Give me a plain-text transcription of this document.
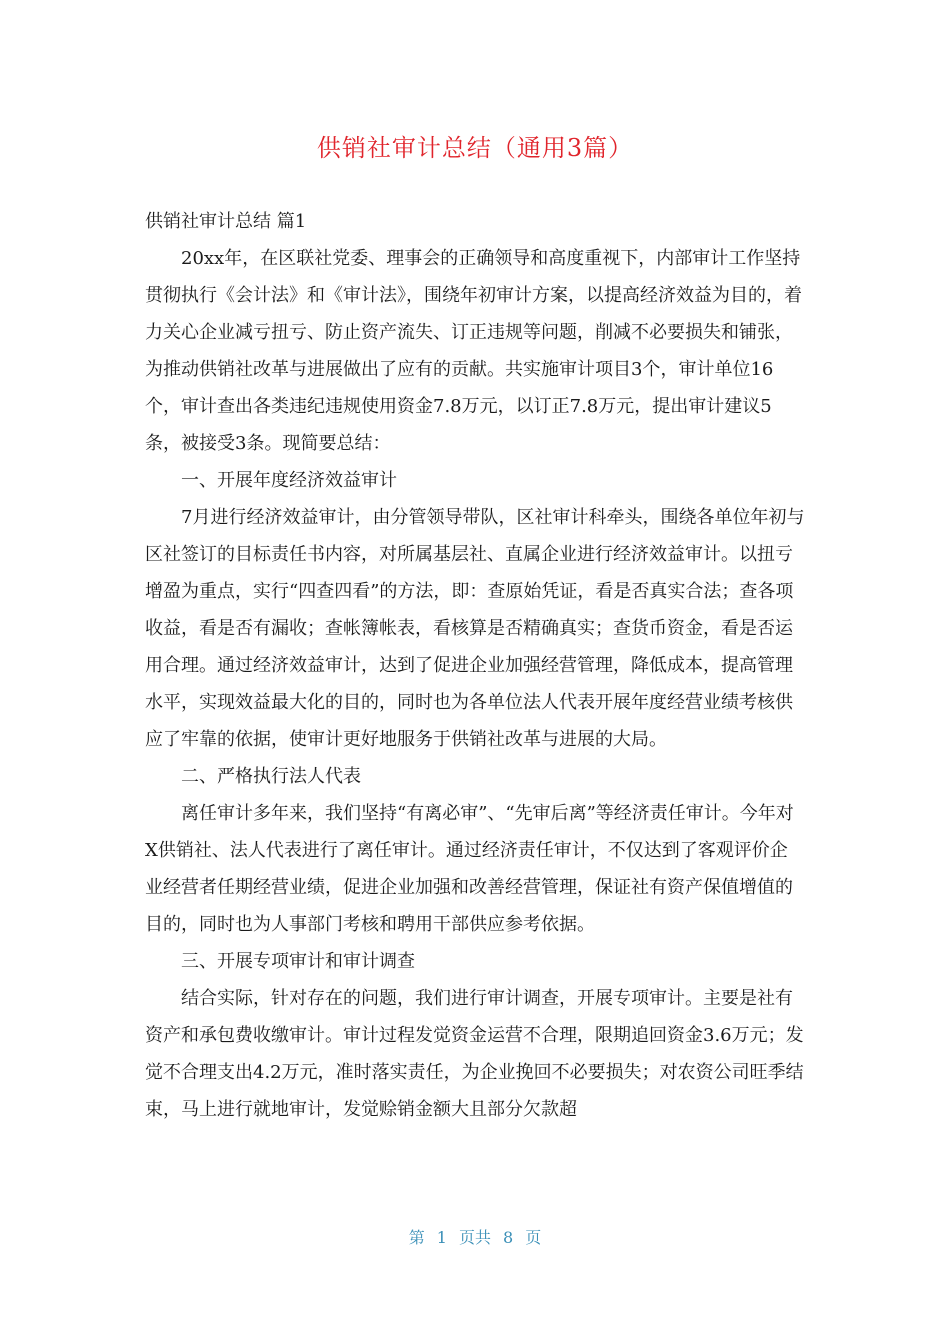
供销社审计总结（通用3篇）

供销社审计总结 篇1

20xx年，在区联社党委、理事会的正确领导和高度重视下，内部审计工作坚持贯彻执行《会计法》和《审计法》，围绕年初审计方案，以提高经济效益为目的，着力关心企业减亏扭亏、防止资产流失、订正违规等问题，削减不必要损失和铺张，为推动供销社改革与进展做出了应有的贡献。共实施审计项目3个，审计单位16个，审计查出各类违纪违规使用资金7.8万元，以订正7.8万元，提出审计建议5条，被接受3条。现简要总结：

一、开展年度经济效益审计

7月进行经济效益审计，由分管领导带队，区社审计科牵头，围绕各单位年初与区社签订的目标责任书内容，对所属基层社、直属企业进行经济效益审计。以扭亏增盈为重点，实行“四查四看”的方法，即：查原始凭证，看是否真实合法；查各项收益，看是否有漏收；查帐簿帐表，看核算是否精确真实；查货币资金，看是否运用合理。通过经济效益审计，达到了促进企业加强经营管理，降低成本，提高管理水平，实现效益最大化的目的，同时也为各单位法人代表开展年度经营业绩考核供应了牢靠的依据，使审计更好地服务于供销社改革与进展的大局。

二、严格执行法人代表

离任审计多年来，我们坚持“有离必审”、“先审后离”等经济责任审计。今年对X供销社、法人代表进行了离任审计。通过经济责任审计，不仅达到了客观评价企业经营者任期经营业绩，促进企业加强和改善经营管理，保证社有资产保值增值的目的，同时也为人事部门考核和聘用干部供应参考依据。

三、开展专项审计和审计调查

结合实际，针对存在的问题，我们进行审计调查，开展专项审计。主要是社有资产和承包费收缴审计。审计过程发觉资金运营不合理，限期追回资金3.6万元；发觉不合理支出4.2万元，准时落实责任，为企业挽回不必要损失；对农资公司旺季结束，马上进行就地审计，发觉赊销金额大且部分欠款超

第 1 页共 8 页
